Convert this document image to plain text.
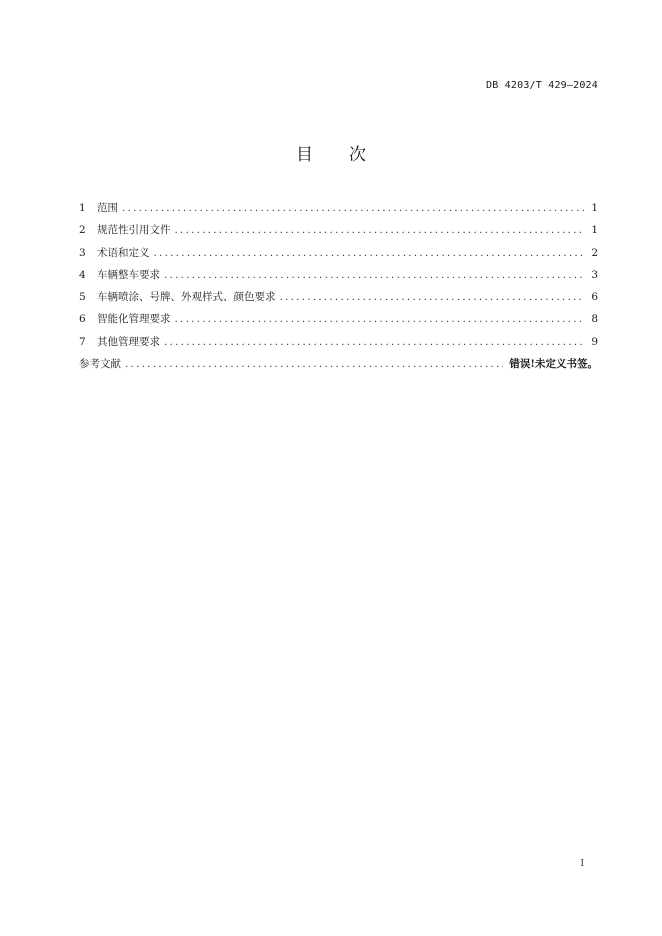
DB 4203/T 429—2024
目 次
1	范围 .....	1
2	规范性引用文件 .....	1
3	术语和定义 .....	2
4	车辆整车要求 .....	3
5	车辆喷涂、号牌、外观样式、颜色要求 .....	6
6	智能化管理要求 .....	8
7	其他管理要求 .....	9
参考文献 .....	错误!未定义书签。
I
